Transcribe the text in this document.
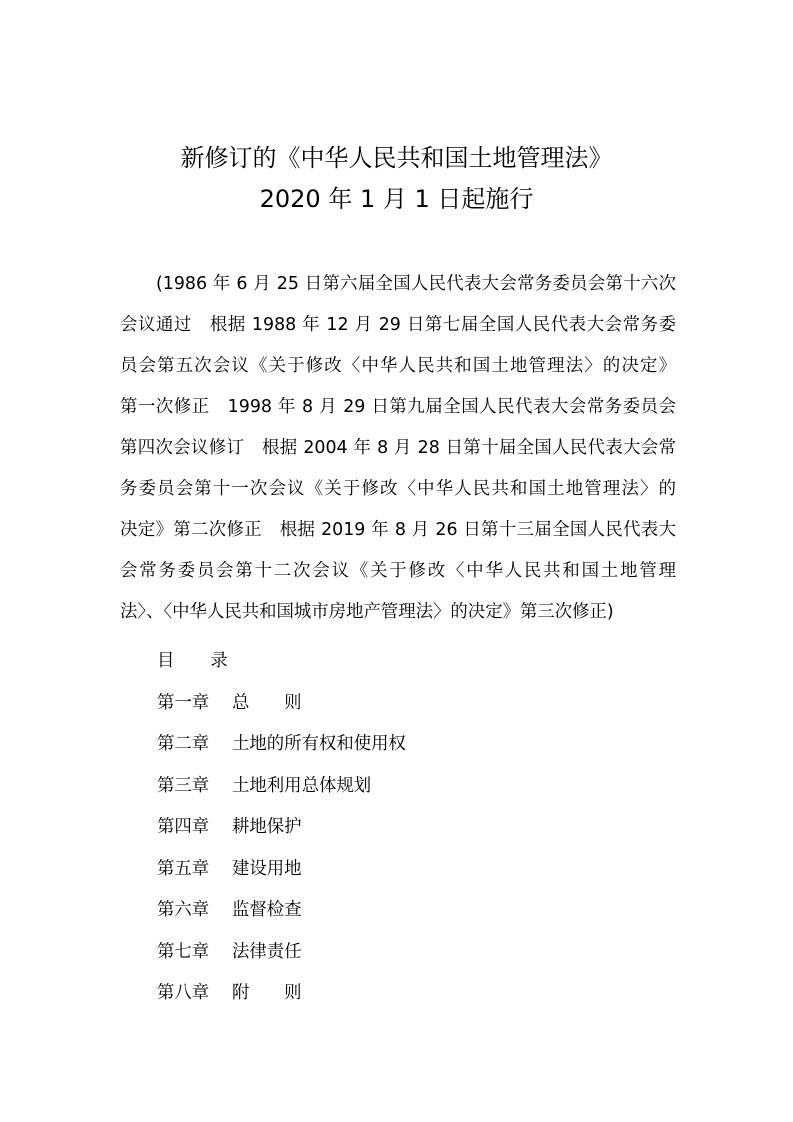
新修订的《中华人民共和国土地管理法》
2020 年 1 月 1 日起施行
(1986 年 6 月 25 日第六届全国人民代表大会常务委员会第十六次
会议通过　根据 1988 年 12 月 29 日第七届全国人民代表大会常务委
员会第五次会议《关于修改〈中华人民共和国土地管理法〉的决定》
第一次修正　1998 年 8 月 29 日第九届全国人民代表大会常务委员会
第四次会议修订　根据 2004 年 8 月 28 日第十届全国人民代表大会常
务委员会第十一次会议《关于修改〈中华人民共和国土地管理法〉的
决定》第二次修正　根据 2019 年 8 月 26 日第十三届全国人民代表大
会常务委员会第十二次会议《关于修改〈中华人民共和国土地管理
法〉、〈中华人民共和国城市房地产管理法〉的决定》第三次修正)
目 录
第一章 总　　则
第二章 土地的所有权和使用权
第三章 土地利用总体规划
第四章 耕地保护
第五章 建设用地
第六章 监督检查
第七章 法律责任
第八章 附　　则
